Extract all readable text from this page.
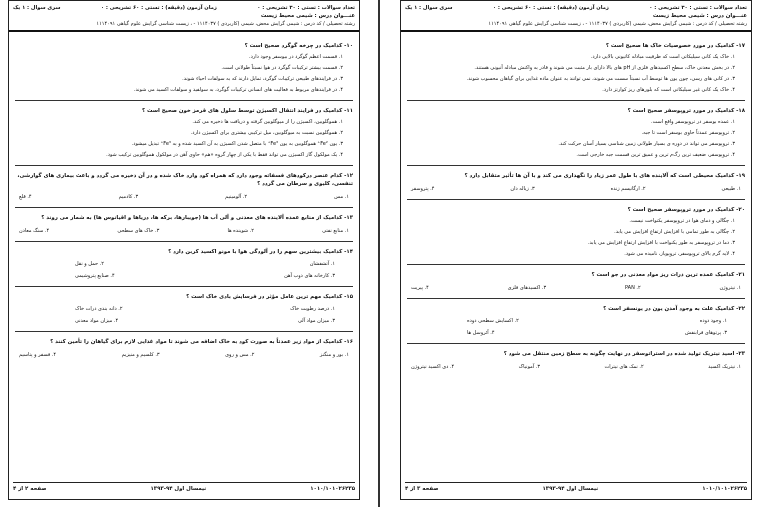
تعداد سوالات : تستی : ۳۰ تشریحی : ۰
زمان آزمون (دقیقه) : تستی : ۶۰ تشریحی : ۰
سری سوال : ۱ یک
عنـــوان درس : شیمی محیط زیست
رشته تحصیلی / کد درس : شیمی گرایش محض، شیمی (کاربردی ) ۱۱۱۴۰۳۷ - ، زیست شناسی گرایش علوم گیاهی ۱۱۱۴۰۹۱
۱۰- کدامیک در چرخه گوگرد صحیح است ؟
۱. قسمت اعظم گوگرد در بیوسفر وجود دارد.
۲. قسمت بیشتر ترکیبات گوگرد در هوا نسبتاً طولانی است.
۳. در فرایندهای طبیعی ترکیبات گوگرد، تمایل دارند که به سولفات احیاء شوند.
۴. در فرایندهای مربوط به فعالیت های انسانی ترکیبات گوگرد، به سولفید و سولفات اکسید می شوند.
۱۱- کدامیک در فرایند انتقال اکسیژن توسط سلول های قرمز خون صحیح است ؟
۱. هموگلوبین، اکسیژن را از میوگلوبین گرفته و دریافت ها ذخیره می کند.
۲. هموگلوبین نسبت به میوگلوبین، میل ترکیبی بیشتری برای اکسیژن دارد.
۳. یون Fe²⁺ هموگلوبین به یون Fe³⁺ با متصل شدن اکسیژن به آن اکسید شده و به Fe³⁺ تبدیل میشود.
۴. یک مولکول گاز اکسیژن می تواند فقط با یکی از چهار گروه «هم» حاوی آهن در مولکول هموگلوبین ترکیب شود.
۱۲- کدام عنصر درکودهای فسفاته وجود دارد که همراه کود وارد خاک شده و در آن ذخیره می گردد و باعث بیماری های گوارشی، تنفسی، کلیوی و سرطان می گردد ؟
۱. مس
۲. آلومینیم
۳. کادمیم
۴. قلع
۱۳- کدامیک از منابع عمده آلاینده های معدنی و آلی آب ها (جویبارها، برکه ها، دریاها و اقیانوس ها) به شمار می روند ؟
۱. منابع نفتی
۲. شوینده ها
۳. خاک های سطحی
۴. سنگ معادن
۱۴- کدامیک بیشترین سهم را در آلودگی هوا با مونو اکسید کربن دارد ؟
۱. آتشفشان
۲. حمل و نقل
۳. کارخانه های ذوب آهن
۴. صنایع پتروشیمی
۱۵- کدامیک مهم ترین عامل مؤثر در فرسایش بادی خاک است ؟
۱. درصد رطوبت خاک
۲. دانه بندی ذرات خاک
۳. میزان مواد آلی
۴. میزان مواد معدنی
۱۶- کدامیک از مواد زیر عمدتاً به صورت کود به خاک اضافه می شوند تا مواد غذایی لازم برای گیاهان را تأمین کنند ؟
۱. بور و منگنز
۲. مس و روی
۳. کلسیم و منیزیم
۴. فسفر و پتاسیم
۱۰۱۰/۱۰۱۰۲۶۲۳۵
نیمسال اول ۹۴-۱۳۹۳
صفحه ۲ از ۴
تعداد سوالات : تستی : ۳۰ تشریحی : ۰
زمان آزمون (دقیقه) : تستی : ۶۰ تشریحی : ۰
سری سوال : ۱ یک
عنـــوان درس : شیمی محیط زیست
رشته تحصیلی / کد درس : شیمی گرایش محض، شیمی (کاربردی ) ۱۱۱۴۰۳۷ - ، زیست شناسی گرایش علوم گیاهی ۱۱۱۴۰۹۱
۱۷- کدامیک در مورد خصوصیات خاک ها صحیح است ؟
۱. خاک یک کانی سیلیکاتی است که ظرفیت مبادله کاتیونی بالایی دارد.
۲. در بخش معدنی خاک، سطح اکسیدهای فلزی از pH های بالا دارای بار مثبت می شوند و قادر به واکنش مبادله آنیونی هستند.
۳. در کانی های رسی، چون یون ها توسط آب نسبتاً سست می شوند، نمی توانند به عنوان ماده غذایی برای گیاهان محسوب شوند.
۴. خاک یک کانی غیر سیلیکاتی است که بلورهای ریز کوارتز دارد.
۱۸- کدامیک در مورد تروپوسفر صحیح است ؟
۱. عمده بوسفر در تروپوسفر واقع است.
۲. تروپوسفر عمدتاً حاوی بوسفر است تا جبه.
۳. تروپوسفر می تواند در دوره ی بسیار طولانی زمین شناسی بسیار آسان حرکت کند.
۴. تروپوسفر، ضعیف ترین رگ‌م ترین و عمیق ترین قسمت جبه خارجی است.
۱۹- کدامیک محیطی است که آلاینده های با طول عمر زیاد را نگهداری می کند و با آن ها تأثیر متقابل دارد ؟
۱. طبیعی
۲. ارگانیسم زنده
۳. زباله دان
۴. پتروسفر
۲۰- کدامیک در مورد تروپوسفر صحیح است ؟
۱. چگالی و دمای هوا در تروپوسفر یکنواخت نیست.
۲. چگالی به طور تمامی با افزایش ارتفاع افزایش می یابد.
۳. دما در تروپوسفر به طور یکنواخت با افزایش ارتفاع افزایش می یابد.
۴. لایه گرم بالای تروپوسفر، تروپوپاز، نامیده می شود.
۲۱- کدامیک عمده ترین ذرات ریز مواد معدنی در جو است ؟
۱. نیتروژن
۲. PAN
۳. اکسیدهای فلزی
۴. پیریت
۲۲- کدامیک علت به وجود آمدن یون در یونسفر است ؟
۱. وجود دوده
۲. اکسایش سطحی دوده
۳. پرتوهای فرابنفش
۴. آئروسل ها
۲۳- اسید نیتریک تولید شده در استراتوسفر در نهایت چگونه به سطح زمین منتقل می شود ؟
۱. نیتریک اکسید
۲. نمک های نیترات
۳. آمونیاک
۴. دی اکسید نیتروژن
۱۰۱۰/۱۰۱۰۲۶۲۳۵
نیمسال اول ۹۴-۱۳۹۳
صفحه ۳ از ۴
